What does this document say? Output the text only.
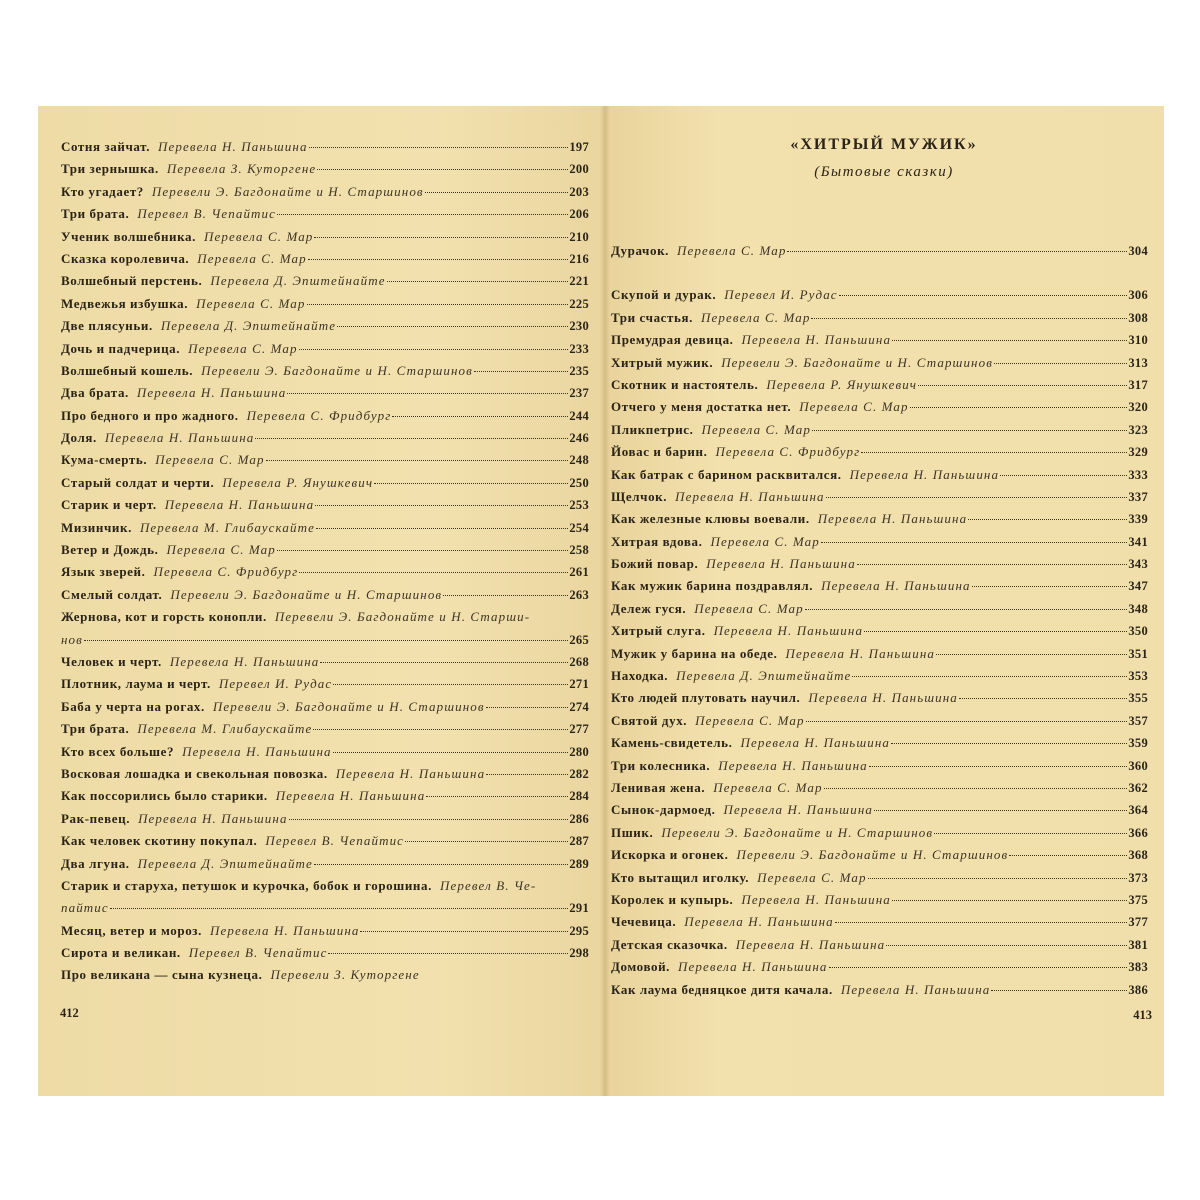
Сотня зайчат. Перевела Н. Паньшина	197
Три зернышка. Перевела З. Куторгене	200
Кто угадает? Перевели Э. Багдонайте и Н. Старшинов	203
Три брата. Перевел В. Чепайтис	206
Ученик волшебника. Перевела С. Мар	210
Сказка королевича. Перевела С. Мар	216
Волшебный перстень. Перевела Д. Эпштейнайте	221
Медвежья избушка. Перевела С. Мар	225
Две плясуньи. Перевела Д. Эпштейнайте	230
Дочь и падчерица. Перевела С. Мар	233
Волшебный кошель. Перевели Э. Багдонайте и Н. Старшинов	235
Два брата. Перевела Н. Паньшина	237
Про бедного и про жадного. Перевела С. Фридбург	244
Доля. Перевела Н. Паньшина	246
Кума-смерть. Перевела С. Мар	248
Старый солдат и черти. Перевела Р. Янушкевич	250
Старик и черт. Перевела Н. Паньшина	253
Мизинчик. Перевела М. Глибаускайте	254
Ветер и Дождь. Перевела С. Мар	258
Язык зверей. Перевела С. Фридбург	261
Смелый солдат. Перевели Э. Багдонайте и Н. Старшинов	263
Жернова, кот и горсть конопли. Перевели Э. Багдонайте и Н. Старши-
нов	265
Человек и черт. Перевела Н. Паньшина	268
Плотник, лаума и черт. Перевел И. Рудас	271
Баба у черта на рогах. Перевели Э. Багдонайте и Н. Старшинов	274
Три брата. Перевела М. Глибаускайте	277
Кто всех больше? Перевела Н. Паньшина	280
Восковая лошадка и свекольная повозка. Перевела Н. Паньшина	282
Как поссорились было старики. Перевела Н. Паньшина	284
Рак-певец. Перевела Н. Паньшина	286
Как человек скотину покупал. Перевел В. Чепайтис	287
Два лгуна. Перевела Д. Эпштейнайте	289
Старик и старуха, петушок и курочка, бобок и горошина. Перевел В. Че-
пайтис	291
Месяц, ветер и мороз. Перевела Н. Паньшина	295
Сирота и великан. Перевел В. Чепайтис	298
Про великана — сына кузнеца. Перевели З. Куторгене
412
«ХИТРЫЙ МУЖИК»
(Бытовые сказки)
Дурачок. Перевела С. Мар	304
Скупой и дурак. Перевел И. Рудас	306
Три счастья. Перевела С. Мар	308
Премудрая девица. Перевела Н. Паньшина	310
Хитрый мужик. Перевели Э. Багдонайте и Н. Старшинов	313
Скотник и настоятель. Перевела Р. Янушкевич	317
Отчего у меня достатка нет. Перевела С. Мар	320
Пликпетрис. Перевела С. Мар	323
Йовас и барин. Перевела С. Фридбург	329
Как батрак с барином расквитался. Перевела Н. Паньшина	333
Щелчок. Перевела Н. Паньшина	337
Как железные клювы воевали. Перевела Н. Паньшина	339
Хитрая вдова. Перевела С. Мар	341
Божий повар. Перевела Н. Паньшина	343
Как мужик барина поздравлял. Перевела Н. Паньшина	347
Дележ гуся. Перевела С. Мар	348
Хитрый слуга. Перевела Н. Паньшина	350
Мужик у барина на обеде. Перевела Н. Паньшина	351
Находка. Перевела Д. Эпштейнайте	353
Кто людей плутовать научил. Перевела Н. Паньшина	355
Святой дух. Перевела С. Мар	357
Камень-свидетель. Перевела Н. Паньшина	359
Три колесника. Перевела Н. Паньшина	360
Ленивая жена. Перевела С. Мар	362
Сынок-дармоед. Перевела Н. Паньшина	364
Пшик. Перевели Э. Багдонайте и Н. Старшинов	366
Искорка и огонек. Перевели Э. Багдонайте и Н. Старшинов	368
Кто вытащил иголку. Перевела С. Мар	373
Королек и купырь. Перевела Н. Паньшина	375
Чечевица. Перевела Н. Паньшина	377
Детская сказочка. Перевела Н. Паньшина	381
Домовой. Перевела Н. Паньшина	383
Как лаума бедняцкое дитя качала. Перевела Н. Паньшина	386
413
